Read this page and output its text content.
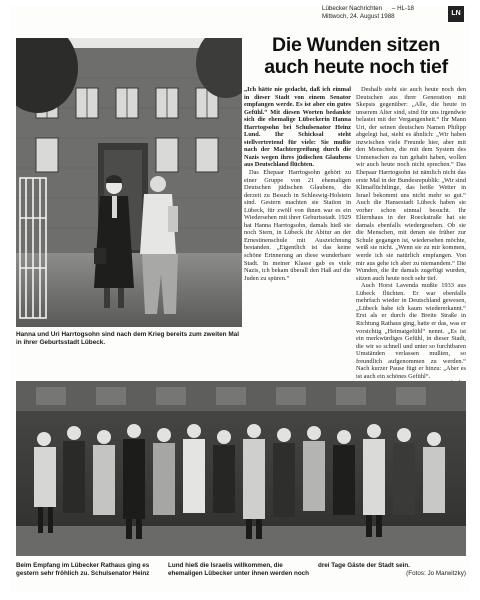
Lübecker Nachrichten – HL-18
Mittwoch, 24. August 1988	LN
Die Wunden sitzen
auch heute noch tief

„Ich hätte nie gedacht, daß ich einmal in dieser Stadt von einem Senator empfangen werde. Es ist aber ein gutes Gefühl.“ Mit diesen Worten bedankte sich die ehemalige Lübeckerin Hanna Harrtogsohn bei Schulsenator Heinz Lund. Ihr Schicksal steht stellvertretend für viele: Sie mußte nach der Machtergreifung durch die Nazis wegen ihres jüdischen Glaubens aus Deutschland flüchten.

Das Ehepaar Harrtogsohn gehört zu einer Gruppe von 21 ehemaligen Deutschen jüdischen Glaubens, die derzeit zu Besuch in Schleswig-Holstein sind. Gestern machten sie Station in Lübeck, für zwölf von ihnen war es ein Wiedersehen mit ihrer Geburtsstadt. 1929 hat Hanna Harrtogsohn, damals hieß sie noch Stern, in Lübeck ihr Abitur an der Ernestinenschule mit Auszeichnung bestanden. „Eigentlich ist das keine schöne Erinnerung an diese wunderbare Stadt. In meiner Klasse gab es viele Nazis, ich bekam überall den Haß auf die Juden zu spüren.“

Deshalb steht sie auch heute noch den Deutschen aus ihrer Generation mit Skepsis gegenüber: „Alle, die heute in unserem Alter sind, sind für uns irgendwie belastet mit der Vergangenheit.“ Ihr Mann Uri, der seinen deutschen Namen Philipp abgelegt hat, sieht es ähnlich: „Wir haben inzwischen viele Freunde hier, aber mit den Menschen, die mit dem System des Unmenschen zu tun gehabt haben, wollen wir auch heute noch nicht sprechen.“ Das Ehepaar Harrtogsohn ist nämlich nicht das erste Mal in der Bundesrepublik: „Wir sind Klimaflüchtlinge, das heiße Wetter in Israel bekommt uns nicht mehr so gut.“ Auch die Hansestadt Lübeck haben sie vorher schon einmal besucht. Ihr Elternhaus in der Roeckstraße hat sie damals ebenfalls wiedergesehen. Ob sie die Menschen, mit denen sie früher zur Schule gegangen ist, wiedersehen möchte, weiß sie nicht. „Wenn sie zu mir kommen, werde ich sie natürlich empfangen. Von mir aus gehe ich aber zu niemandem.“ Die Wunden, die ihr damals zugefügt wurden, sitzen auch heute noch sehr tief.

Auch Horst Lavenda mußte 1933 aus Lübeck flüchten. Er war ebenfalls mehrfach wieder in Deutschland gewesen, „Lübeck habe ich kaum wiedererkannt.“ Erst als er durch die Breite Straße in Richtung Rathaus ging, hatte er das, was er vorsichtig „Heimatgefühl“ nennt. „Es ist ein merkwürdiges Gefühl, in dieser Stadt, die wir so schnell und unter so furchtbaren Umständen verlassen mußten, so freundlich aufgenommen zu werden.“ Nach kurzer Pause fügt er hinzu: „Aber es ist auch ein schönes Gefühl“.

Hanna und Uri Harrtogsohn sind nach dem Krieg bereits zum zweiten Mal in ihrer Geburtsstadt Lübeck.
Beim Empfang im Lübecker Rathaus ging es gestern sehr fröhlich zu. Schulsenator Heinz
Lund hieß die Israelis willkommen, die ehemaligen Lübecker unter ihnen werden noch
drei Tage Gäste der Stadt sein.
(Fotos: Jo Marwitzky)
